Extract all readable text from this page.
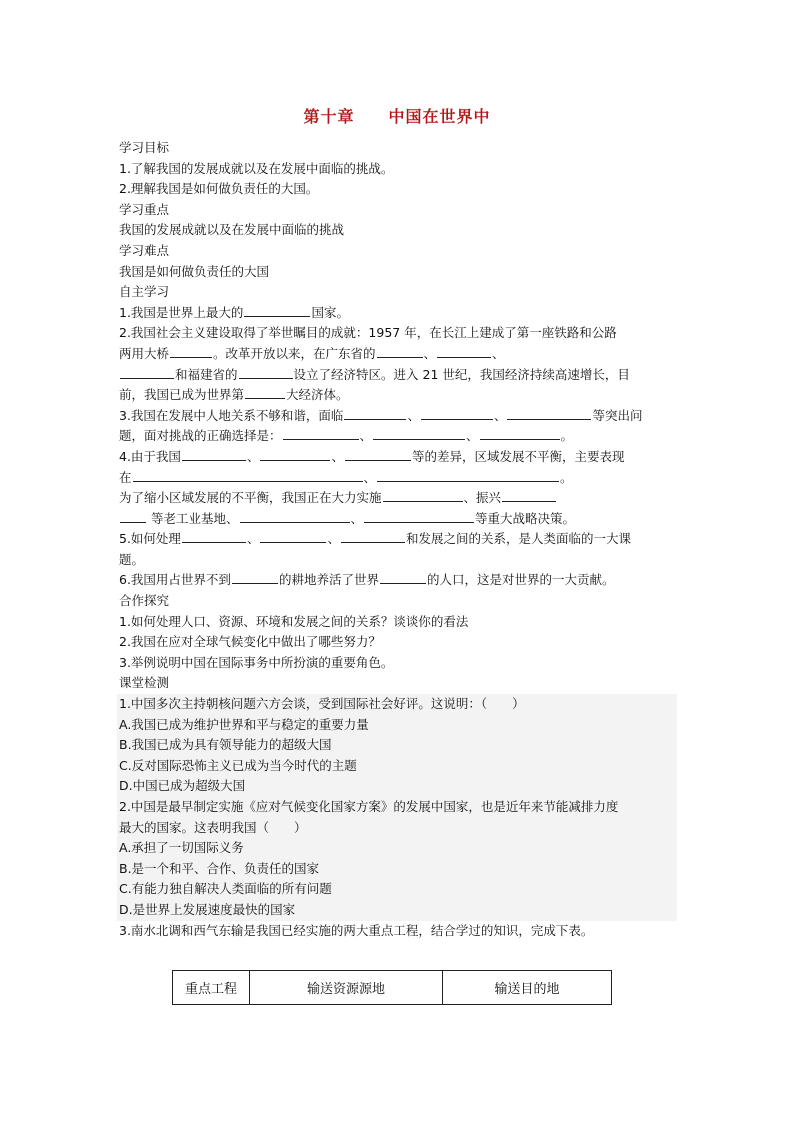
第十章 中国在世界中
学习目标
1.了解我国的发展成就以及在发展中面临的挑战。
2.理解我国是如何做负责任的大国。
学习重点
我国的发展成就以及在发展中面临的挑战
学习难点
我国是如何做负责任的大国
自主学习
1.我国是世界上最大的	国家。
2.我国社会主义建设取得了举世瞩目的成就：1957 年，在长江上建成了第一座铁路和公路
两用大桥	。改革开放以来，在广东省的	、	、
和福建省的	设立了经济特区。进入 21 世纪，我国经济持续高速增长，目
前，我国已成为世界第	大经济体。
3.我国在发展中人地关系不够和谐，面临	、	、	等突出问
题，面对挑战的正确选择是：	、	、	。
4.由于我国	、	、	等的差异，区域发展不平衡，主要表现
在	、	。
为了缩小区域发展的不平衡，我国正在大力实施	、振兴
等老工业基地、	、	等重大战略决策。
5.如何处理	、	、	和发展之间的关系，是人类面临的一大课
题。
6.我国用占世界不到	的耕地养活了世界	的人口，这是对世界的一大贡献。
合作探究
1.如何处理人口、资源、环境和发展之间的关系？谈谈你的看法
2.我国在应对全球气候变化中做出了哪些努力？
3.举例说明中国在国际事务中所扮演的重要角色。
课堂检测
1.中国多次主持朝核问题六方会谈，受到国际社会好评。这说明：（　　）
A.我国已成为维护世界和平与稳定的重要力量
B.我国已成为具有领导能力的超级大国
C.反对国际恐怖主义已成为当今时代的主题
D.中国已成为超级大国
2.中国是最早制定实施《应对气候变化国家方案》的发展中国家，也是近年来节能减排力度
最大的国家。这表明我国（　　）
A.承担了一切国际义务
B.是一个和平、合作、负责任的国家
C.有能力独自解决人类面临的所有问题
D.是世界上发展速度最快的国家
3.南水北调和西气东输是我国已经实施的两大重点工程，结合学过的知识，完成下表。
重点工程	输送资源源地	输送目的地
